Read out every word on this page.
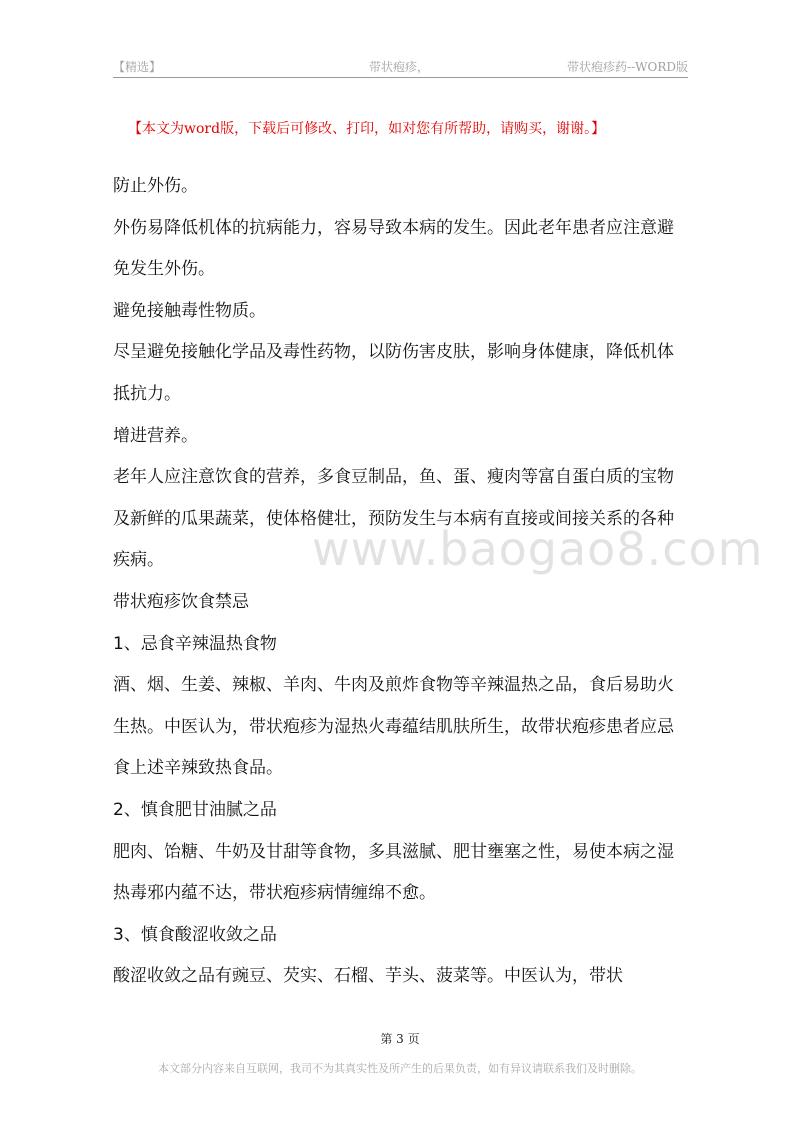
【精选】	带状疱疹，	带状疱疹药--WORD版
【本文为word版，下载后可修改、打印，如对您有所帮助，请购买，谢谢。】
www.baogao8.com

防止外伤。

外伤易降低机体的抗病能力，容易导致本病的发生。因此老年患者应注意避免发生外伤。

避免接触毒性物质。

尽呈避免接触化学品及毒性药物，以防伤害皮肤，影响身体健康，降低机体抵抗力。

增进营养。

老年人应注意饮食的营养，多食豆制品，鱼、蛋、瘦肉等富自蛋白质的宝物及新鲜的瓜果蔬菜，使体格健壮，预防发生与本病有直接或间接关系的各种疾病。

带状疱疹饮食禁忌

1、忌食辛辣温热食物

酒、烟、生姜、辣椒、羊肉、牛肉及煎炸食物等辛辣温热之品，食后易助火生热。中医认为，带状疱疹为湿热火毒蕴结肌肤所生，故带状疱疹患者应忌食上述辛辣致热食品。

2、慎食肥甘油腻之品

肥肉、饴糖、牛奶及甘甜等食物，多具滋腻、肥甘壅塞之性，易使本病之湿热毒邪内蕴不达，带状疱疹病情缠绵不愈。

3、慎食酸涩收敛之品

酸涩收敛之品有豌豆、芡实、石榴、芋头、菠菜等。中医认为，带状

第 3 页
本文部分内容来自互联网，我司不为其真实性及所产生的后果负责，如有异议请联系我们及时删除。
